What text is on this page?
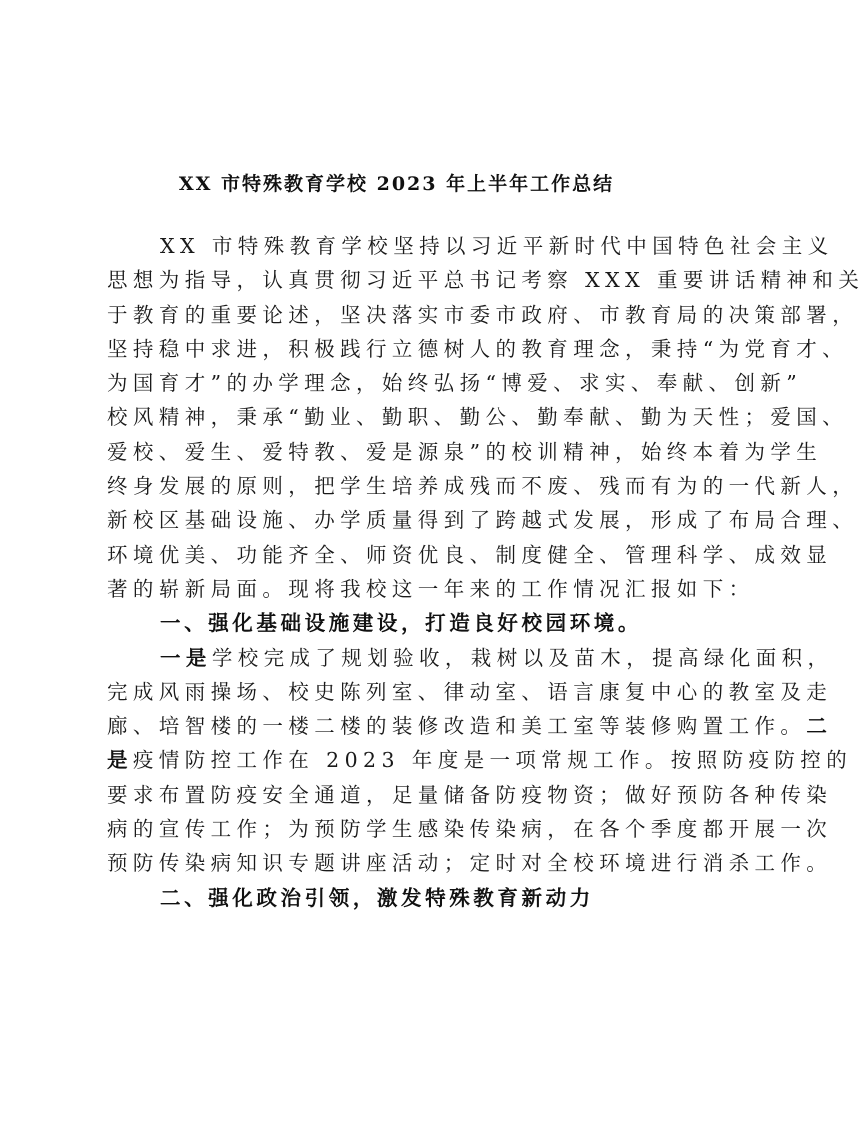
XX 市特殊教育学校 2023 年上半年工作总结
XX 市特殊教育学校坚持以习近平新时代中国特色社会主义
思想为指导，认真贯彻习近平总书记考察 XXX 重要讲话精神和关
于教育的重要论述，坚决落实市委市政府、市教育局的决策部署，
坚持稳中求进，积极践行立德树人的教育理念，秉持“为党育才、
为国育才”的办学理念，始终弘扬“博爱、求实、奉献、创新”
校风精神，秉承“勤业、勤职、勤公、勤奉献、勤为天性；爱国、
爱校、爱生、爱特教、爱是源泉”的校训精神，始终本着为学生
终身发展的原则，把学生培养成残而不废、残而有为的一代新人，
新校区基础设施、办学质量得到了跨越式发展，形成了布局合理、
环境优美、功能齐全、师资优良、制度健全、管理科学、成效显
著的崭新局面。现将我校这一年来的工作情况汇报如下：
一、强化基础设施建设，打造良好校园环境。
一是学校完成了规划验收，栽树以及苗木，提高绿化面积，
完成风雨操场、校史陈列室、律动室、语言康复中心的教室及走
廊、培智楼的一楼二楼的装修改造和美工室等装修购置工作。二
是疫情防控工作在 2023 年度是一项常规工作。按照防疫防控的
要求布置防疫安全通道，足量储备防疫物资；做好预防各种传染
病的宣传工作；为预防学生感染传染病，在各个季度都开展一次
预防传染病知识专题讲座活动；定时对全校环境进行消杀工作。
二、强化政治引领，激发特殊教育新动力
